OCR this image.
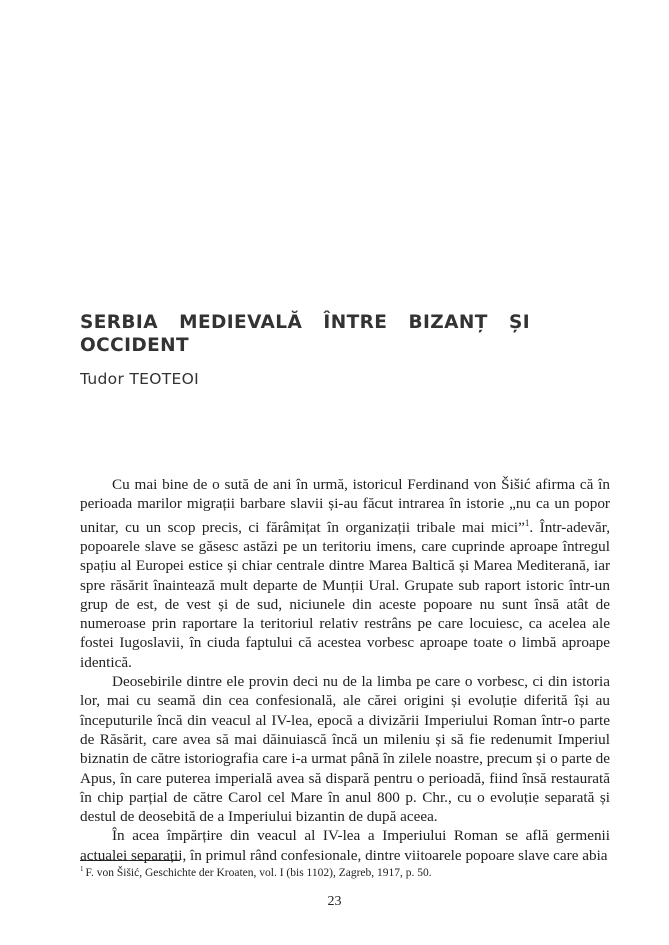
SERBIA MEDIEVALĂ ÎNTRE BIZANȚ ȘI OCCIDENT
Tudor TEOTEOI

Cu mai bine de o sută de ani în urmă, istoricul Ferdinand von Šišić afirma că în perioada marilor migrații barbare slavii și-au făcut intrarea în istorie „nu ca un popor unitar, cu un scop precis, ci fărâmițat în organizații tribale mai mici”$^1$. Într-adevăr, popoarele slave se găsesc astăzi pe un teritoriu imens, care cuprinde aproape întregul spațiu al Europei estice și chiar centrale dintre Marea Baltică și Marea Mediterană, iar spre răsărit înaintează mult departe de Munții Ural. Grupate sub raport istoric într-un grup de est, de vest și de sud, niciunele din aceste popoare nu sunt însă atât de numeroase prin raportare la teritoriul relativ restrâns pe care locuiesc, ca acelea ale fostei Iugoslavii, în ciuda faptului că acestea vorbesc aproape toate o limbă aproape identică.

Deosebirile dintre ele provin deci nu de la limba pe care o vorbesc, ci din istoria lor, mai cu seamă din cea confesională, ale cărei origini și evoluție diferită își au începuturile încă din veacul al IV-lea, epocă a divizării Imperiului Roman într-o parte de Răsărit, care avea să mai dăinuiască încă un mileniu și să fie redenumit Imperiul biznatin de către istoriografia care i-a urmat până în zilele noastre, precum și o parte de Apus, în care puterea imperială avea să dispară pentru o perioadă, fiind însă restaurată în chip parțial de către Carol cel Mare în anul 800 p. Chr., cu o evoluție separată și destul de deosebită de a Imperiului bizantin de după aceea.

În acea împărțire din veacul al IV-lea a Imperiului Roman se află germenii actualei separații, în primul rând confesionale, dintre viitoarele popoare slave care abia

$^1$ F. von Šišić, Geschichte der Kroaten, vol. I (bis 1102), Zagreb, 1917, p. 50.
23
